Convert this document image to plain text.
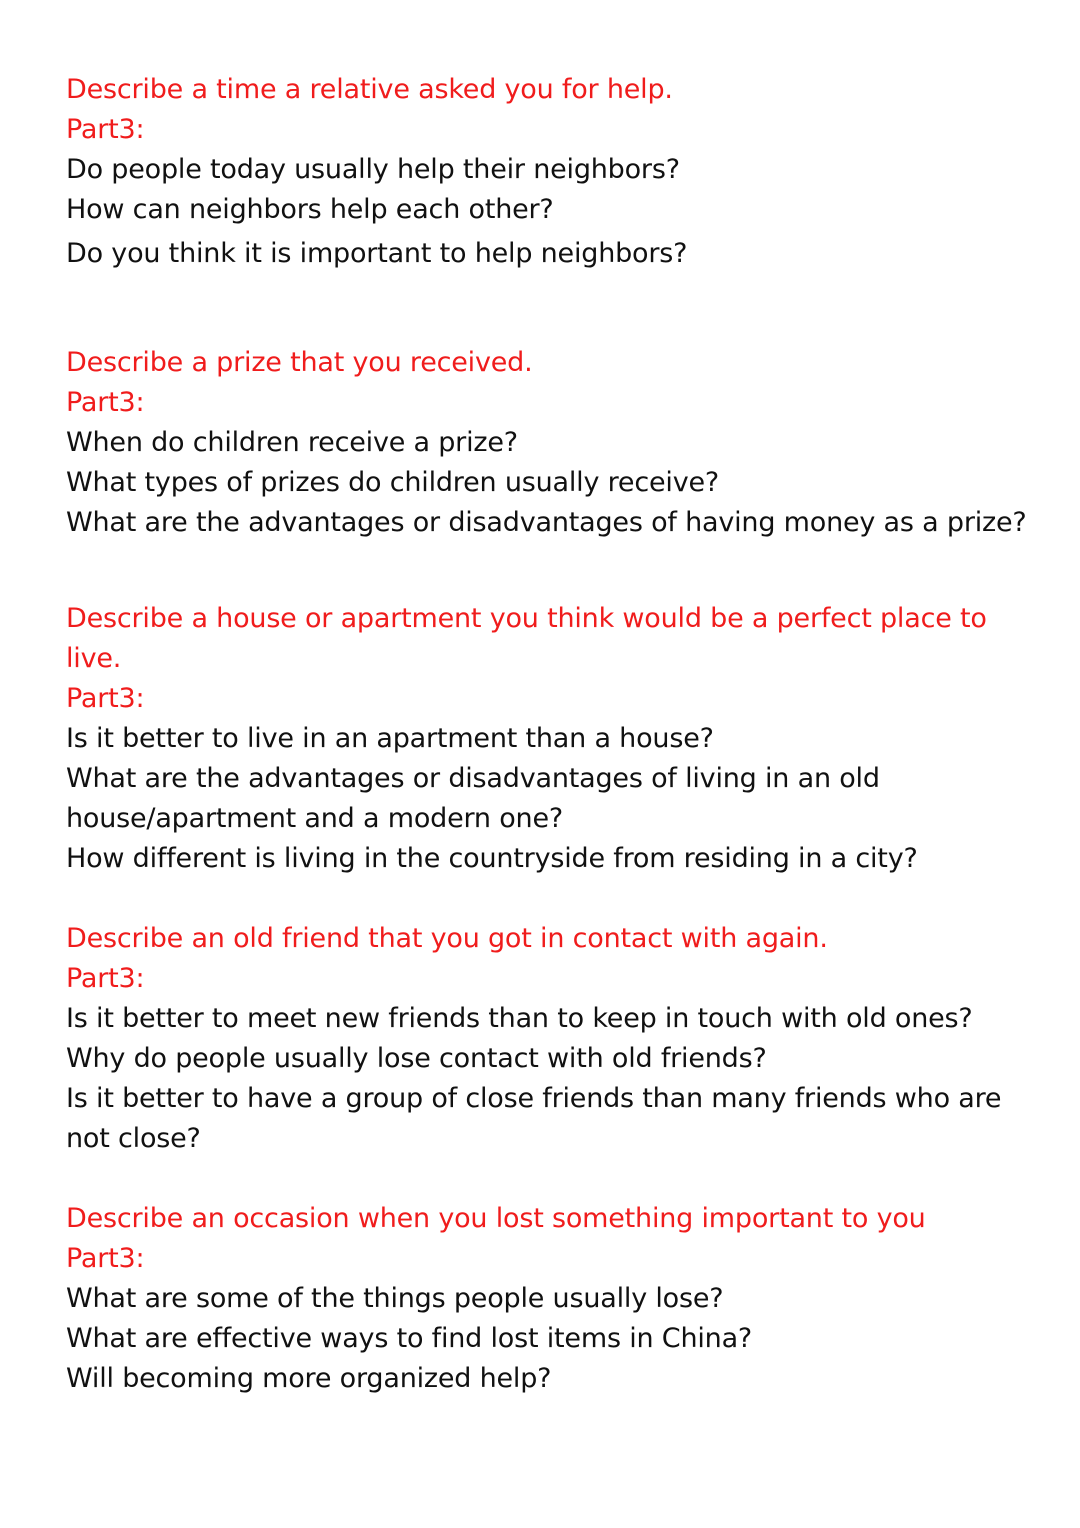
Describe a time a relative asked you for help.

Part3:

Do people today usually help their neighbors?

How can neighbors help each other?

Do you think it is important to help neighbors?

Describe a prize that you received.

Part3:

When do children receive a prize?

What types of prizes do children usually receive?

What are the advantages or disadvantages of having money as a prize?

Describe a house or apartment you think would be a perfect place to

live.

Part3:

Is it better to live in an apartment than a house?

What are the advantages or disadvantages of living in an old

house/apartment and a modern one?

How different is living in the countryside from residing in a city?

Describe an old friend that you got in contact with again.

Part3:

Is it better to meet new friends than to keep in touch with old ones?

Why do people usually lose contact with old friends?

Is it better to have a group of close friends than many friends who are

not close?

Describe an occasion when you lost something important to you

Part3:

What are some of the things people usually lose?

What are effective ways to find lost items in China?

Will becoming more organized help?
